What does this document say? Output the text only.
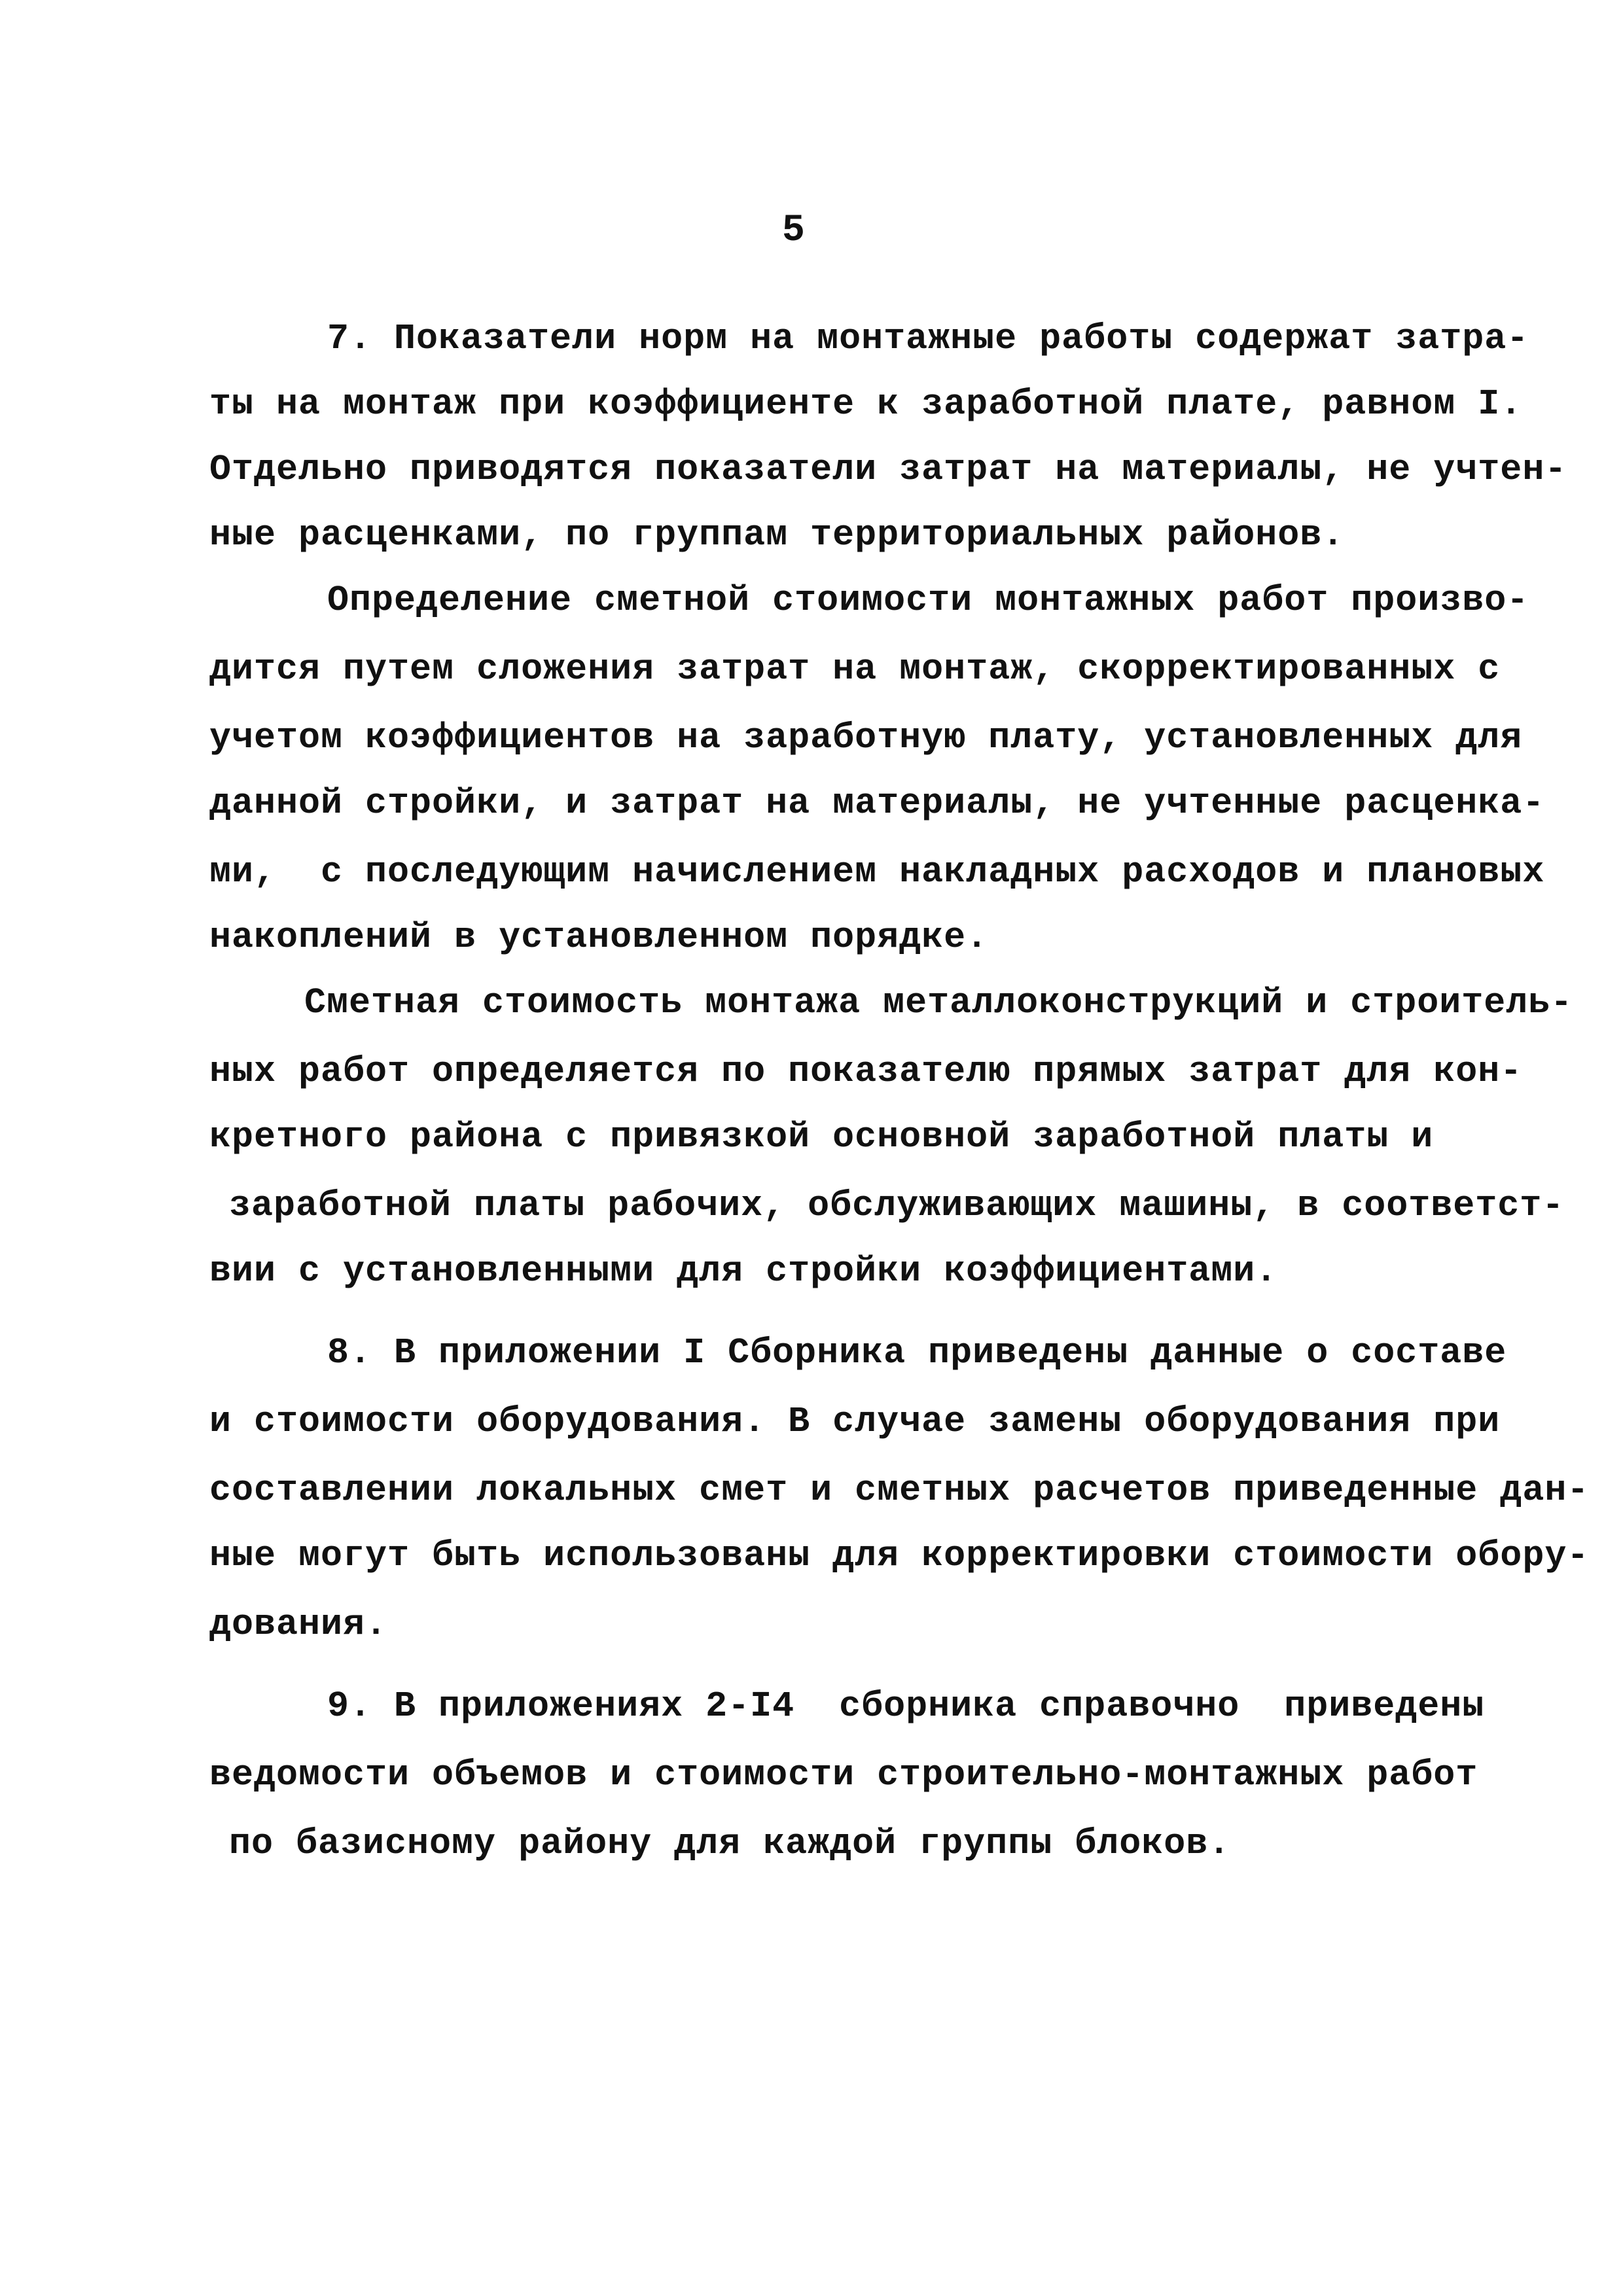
5
7. Показатели норм на монтажные работы содержат затра-
ты на монтаж при коэффициенте к заработной плате, равном I.
Отдельно приводятся показатели затрат на материалы, не учтен-
ные расценками, по группам территориальных районов.
Определение сметной стоимости монтажных работ произво-
дится путем сложения затрат на монтаж, скорректированных с
учетом коэффициентов на заработную плату, установленных для
данной стройки, и затрат на материалы, не учтенные расценка-
ми,  с последующим начислением накладных расходов и плановых
накоплений в установленном порядке.
Сметная стоимость монтажа металлоконструкций и строитель-
ных работ определяется по показателю прямых затрат для кон-
кретного района с привязкой основной заработной платы и
заработной платы рабочих, обслуживающих машины, в соответст-
вии с установленными для стройки коэффициентами.
8. В приложении I Сборника приведены данные о составе
и стоимости оборудования. В случае замены оборудования при
составлении локальных смет и сметных расчетов приведенные дан-
ные могут быть использованы для корректировки стоимости обору-
дования.
9. В приложениях 2-I4  сборника справочно  приведены
ведомости объемов и стоимости строительно-монтажных работ
по базисному району для каждой группы блоков.
